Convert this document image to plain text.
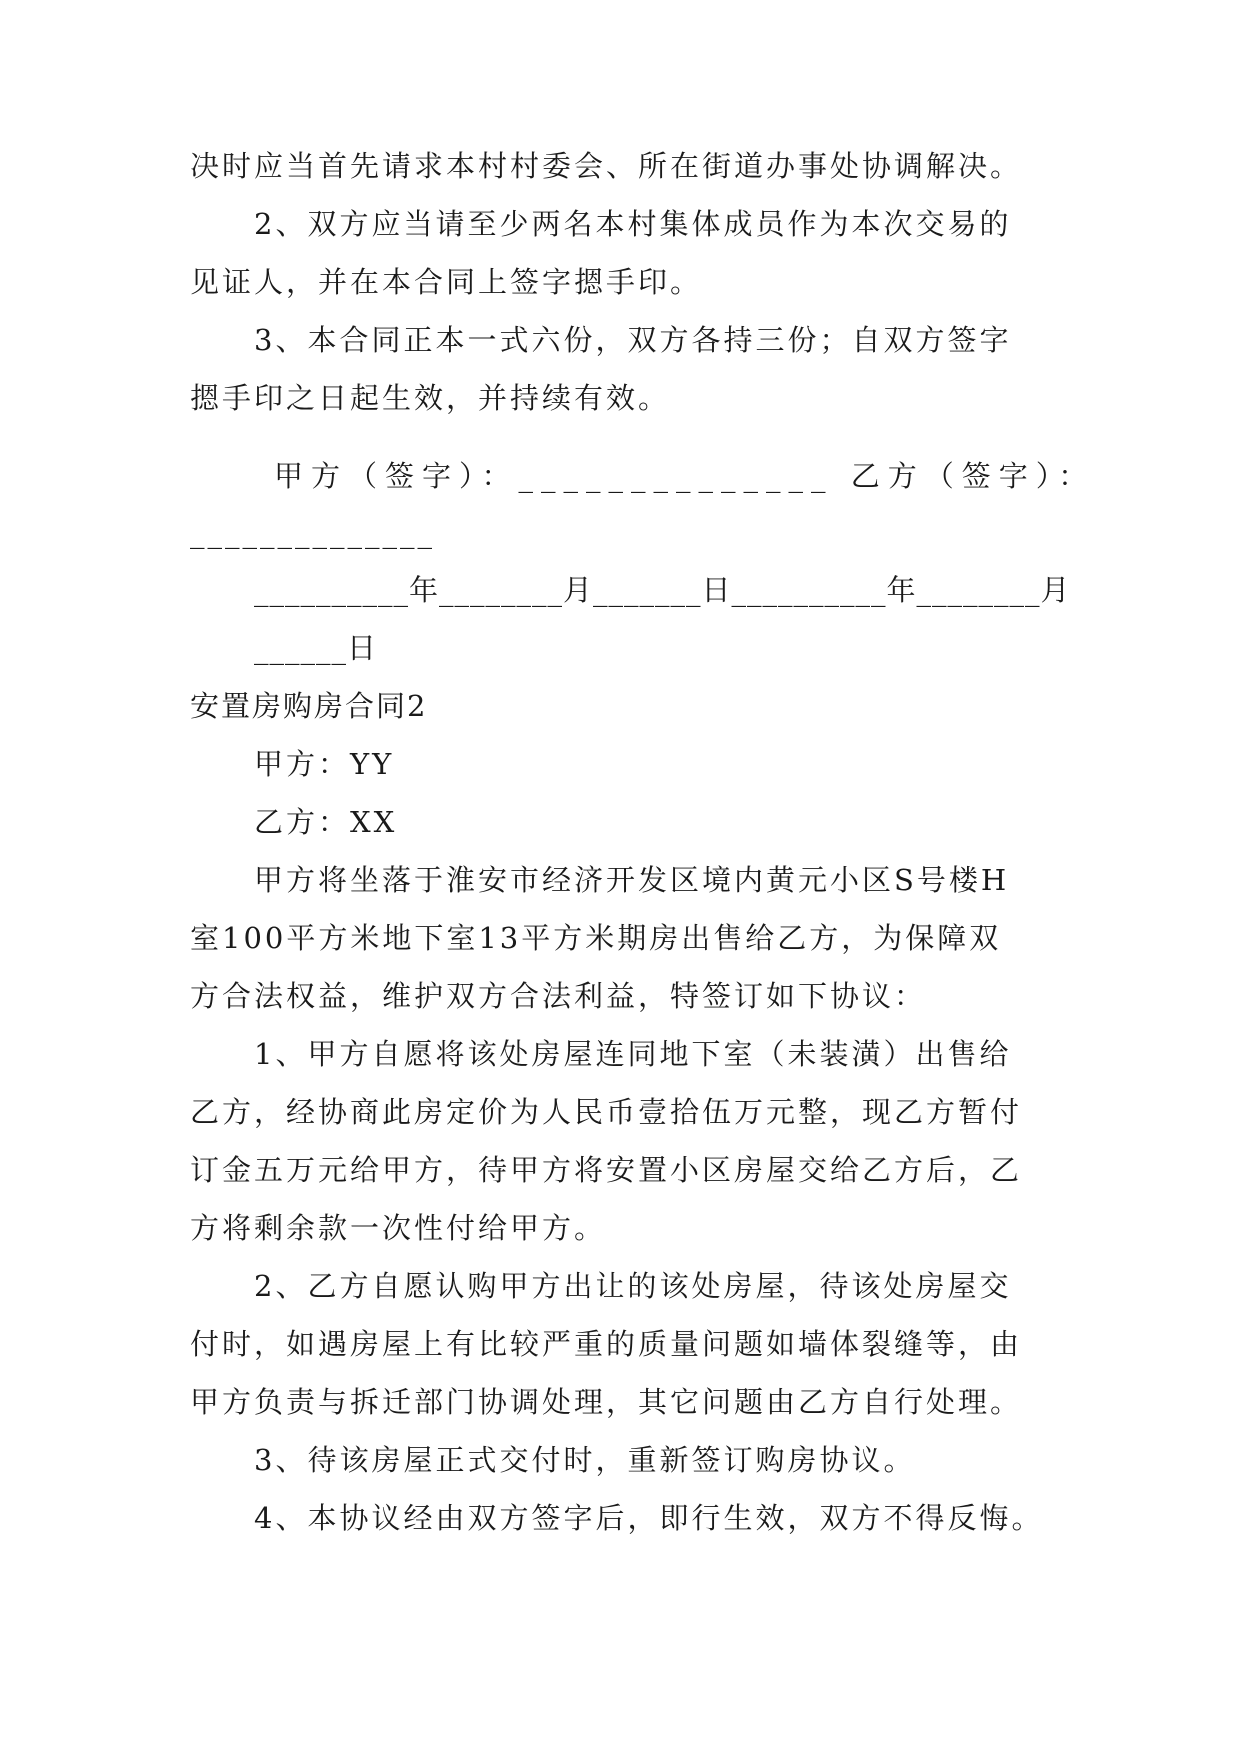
决时应当首先请求本村村委会、所在街道办事处协调解决。
2、双方应当请至少两名本村集体成员作为本次交易的
见证人，并在本合同上签字摁手印。
3、本合同正本一式六份，双方各持三份；自双方签字
摁手印之日起生效，并持续有效。
甲方（签字）：______________ 乙方（签字）：
______________
__________年________月_______日__________年________月
______日
安置房购房合同2
甲方：YY
乙方：XX
甲方将坐落于淮安市经济开发区境内黄元小区S号楼H
室100平方米地下室13平方米期房出售给乙方，为保障双
方合法权益，维护双方合法利益，特签订如下协议：
1、甲方自愿将该处房屋连同地下室（未装潢）出售给
乙方，经协商此房定价为人民币壹拾伍万元整，现乙方暂付
订金五万元给甲方，待甲方将安置小区房屋交给乙方后，乙
方将剩余款一次性付给甲方。
2、乙方自愿认购甲方出让的该处房屋，待该处房屋交
付时，如遇房屋上有比较严重的质量问题如墙体裂缝等，由
甲方负责与拆迁部门协调处理，其它问题由乙方自行处理。
3、待该房屋正式交付时，重新签订购房协议。
4、本协议经由双方签字后，即行生效，双方不得反悔。
